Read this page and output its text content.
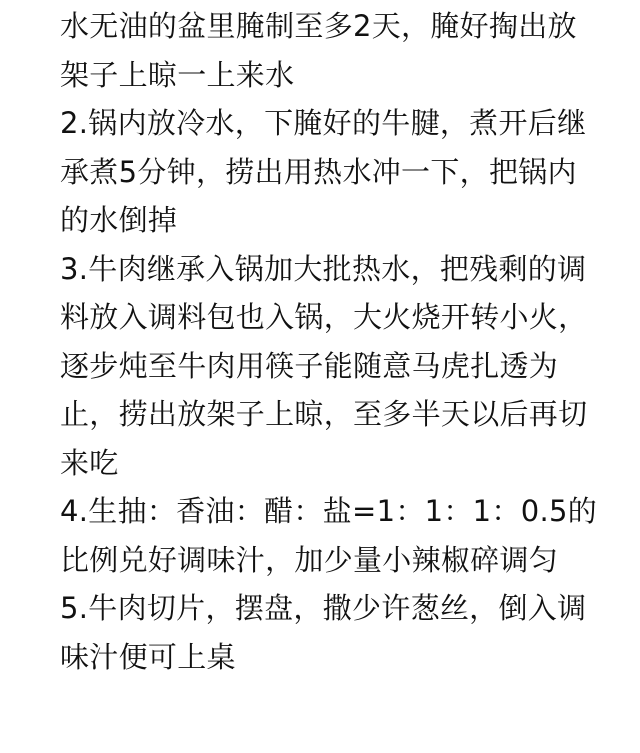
水无油的盆里腌制至多2天，腌好掏出放
架子上晾一上来水
2.锅内放冷水，下腌好的牛腱，煮开后继
承煮5分钟，捞出用热水冲一下，把锅内
的水倒掉
3.牛肉继承入锅加大批热水，把残剩的调
料放入调料包也入锅，大火烧开转小火，
逐步炖至牛肉用筷子能随意马虎扎透为
止，捞出放架子上晾，至多半天以后再切
来吃
4.生抽：香油：醋：盐=1：1：1：0.5的
比例兑好调味汁，加少量小辣椒碎调匀
5.牛肉切片，摆盘，撒少许葱丝，倒入调
味汁便可上桌
